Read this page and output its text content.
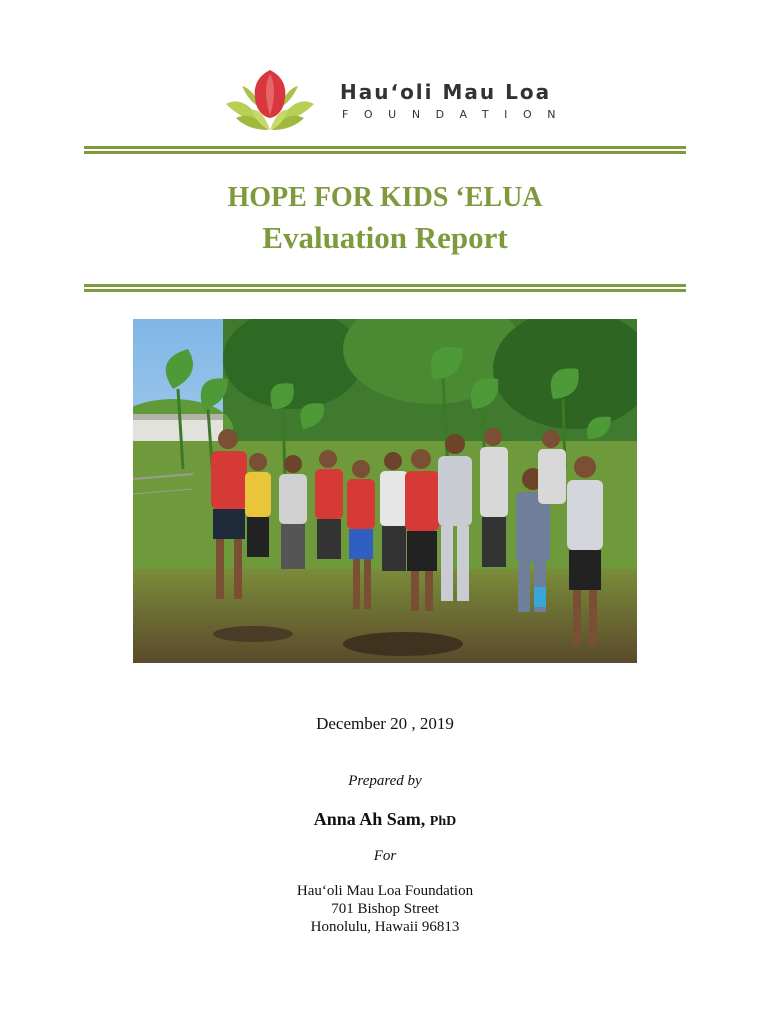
Hauʻoli Mau Loa
FOUNDATION
HOPE FOR KIDS ‘ELUA
Evaluation Report
December 20 , 2019
Prepared by
Anna Ah Sam, PhD
For
Hau‘oli Mau Loa Foundation
701 Bishop Street
Honolulu, Hawaii 96813
